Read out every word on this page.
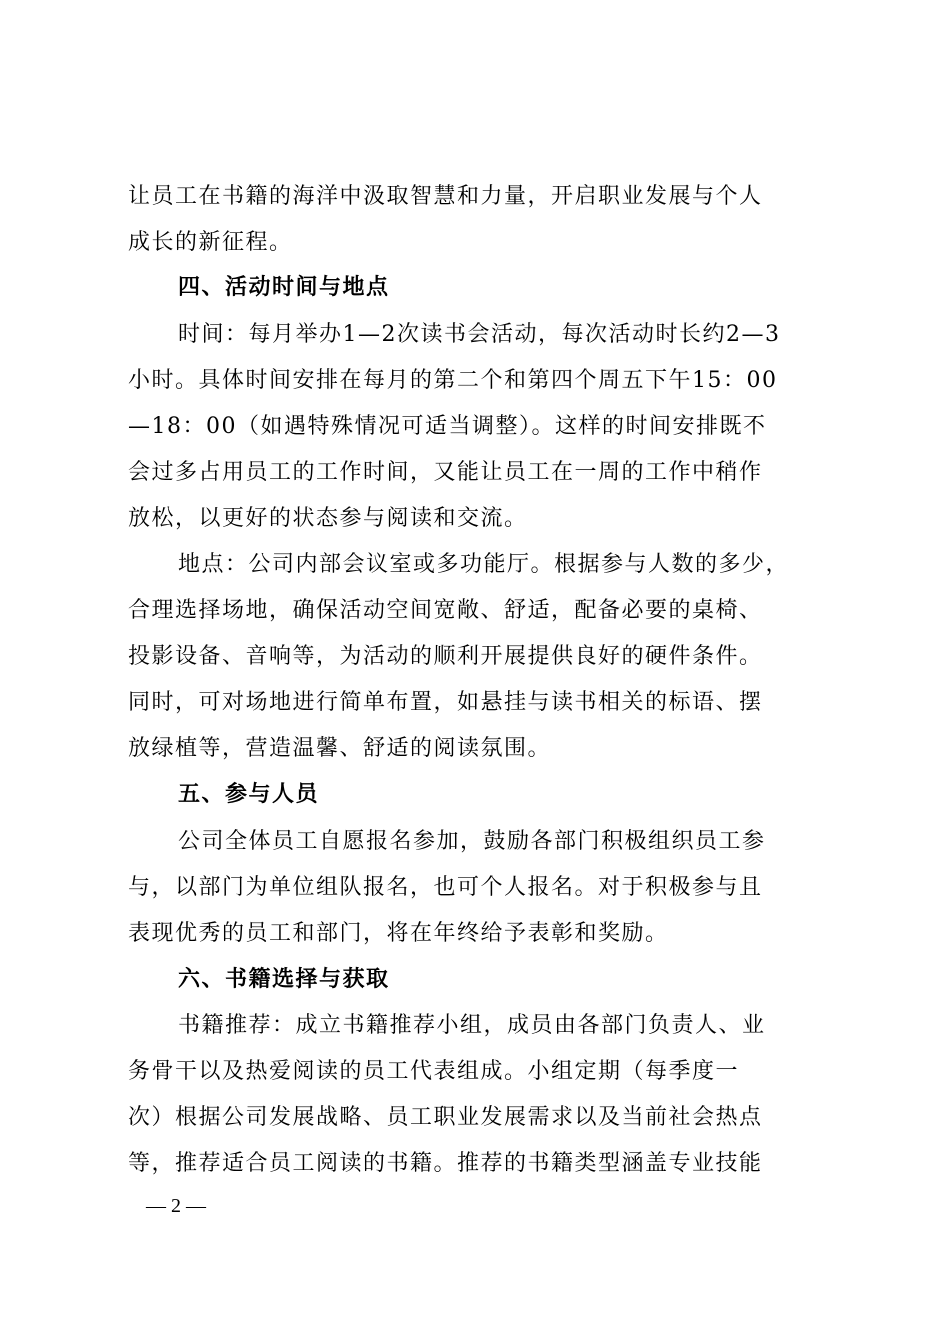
让员工在书籍的海洋中汲取智慧和力量，开启职业发展与个人
成长的新征程。
四、活动时间与地点
时间：每月举办1—2次读书会活动，每次活动时长约2—3
小时。具体时间安排在每月的第二个和第四个周五下午15：00
—18：00（如遇特殊情况可适当调整）。这样的时间安排既不
会过多占用员工的工作时间，又能让员工在一周的工作中稍作
放松，以更好的状态参与阅读和交流。
地点：公司内部会议室或多功能厅。根据参与人数的多少，
合理选择场地，确保活动空间宽敞、舒适，配备必要的桌椅、
投影设备、音响等，为活动的顺利开展提供良好的硬件条件。
同时，可对场地进行简单布置，如悬挂与读书相关的标语、摆
放绿植等，营造温馨、舒适的阅读氛围。
五、参与人员
公司全体员工自愿报名参加，鼓励各部门积极组织员工参
与，以部门为单位组队报名，也可个人报名。对于积极参与且
表现优秀的员工和部门，将在年终给予表彰和奖励。
六、书籍选择与获取
书籍推荐：成立书籍推荐小组，成员由各部门负责人、业
务骨干以及热爱阅读的员工代表组成。小组定期（每季度一
次）根据公司发展战略、员工职业发展需求以及当前社会热点
等，推荐适合员工阅读的书籍。推荐的书籍类型涵盖专业技能
— 2 —
